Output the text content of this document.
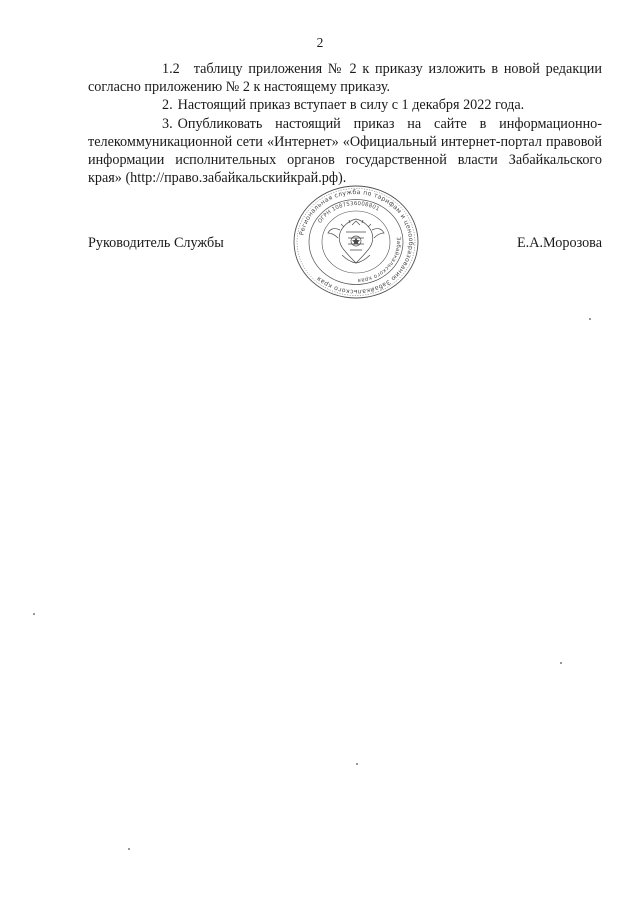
2

1.2 таблицу приложения № 2 к приказу изложить в новой редакции согласно приложению № 2 к настоящему приказу.

2. Настоящий приказ вступает в силу с 1 декабря 2022 года.

3. Опубликовать настоящий приказ на сайте в информационно-телекоммуникационной сети «Интернет» «Официальный интернет-портал правовой информации исполнительных органов государственной власти Забайкальского края» (http://право.забайкальскийкрай.рф).

Руководитель Службы	Е.А.Морозова
Региональная служба по тарифам и ценообразованию Забайкальского края
ОГРН 1087536008801
Забайкальского края
